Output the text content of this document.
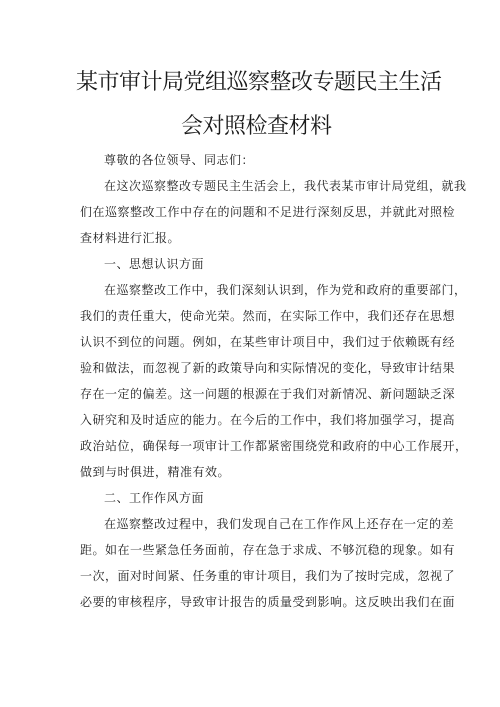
某市审计局党组巡察整改专题民主生活
会对照检查材料
尊敬的各位领导、同志们：
在这次巡察整改专题民主生活会上，我代表某市审计局党组，就我
们在巡察整改工作中存在的问题和不足进行深刻反思，并就此对照检
查材料进行汇报。
一、思想认识方面
在巡察整改工作中，我们深刻认识到，作为党和政府的重要部门，
我们的责任重大，使命光荣。然而，在实际工作中，我们还存在思想
认识不到位的问题。例如，在某些审计项目中，我们过于依赖既有经
验和做法，而忽视了新的政策导向和实际情况的变化，导致审计结果
存在一定的偏差。这一问题的根源在于我们对新情况、新问题缺乏深
入研究和及时适应的能力。在今后的工作中，我们将加强学习，提高
政治站位，确保每一项审计工作都紧密围绕党和政府的中心工作展开，
做到与时俱进，精准有效。
二、工作作风方面
在巡察整改过程中，我们发现自己在工作作风上还存在一定的差
距。如在一些紧急任务面前，存在急于求成、不够沉稳的现象。如有
一次，面对时间紧、任务重的审计项目，我们为了按时完成，忽视了
必要的审核程序，导致审计报告的质量受到影响。这反映出我们在面
